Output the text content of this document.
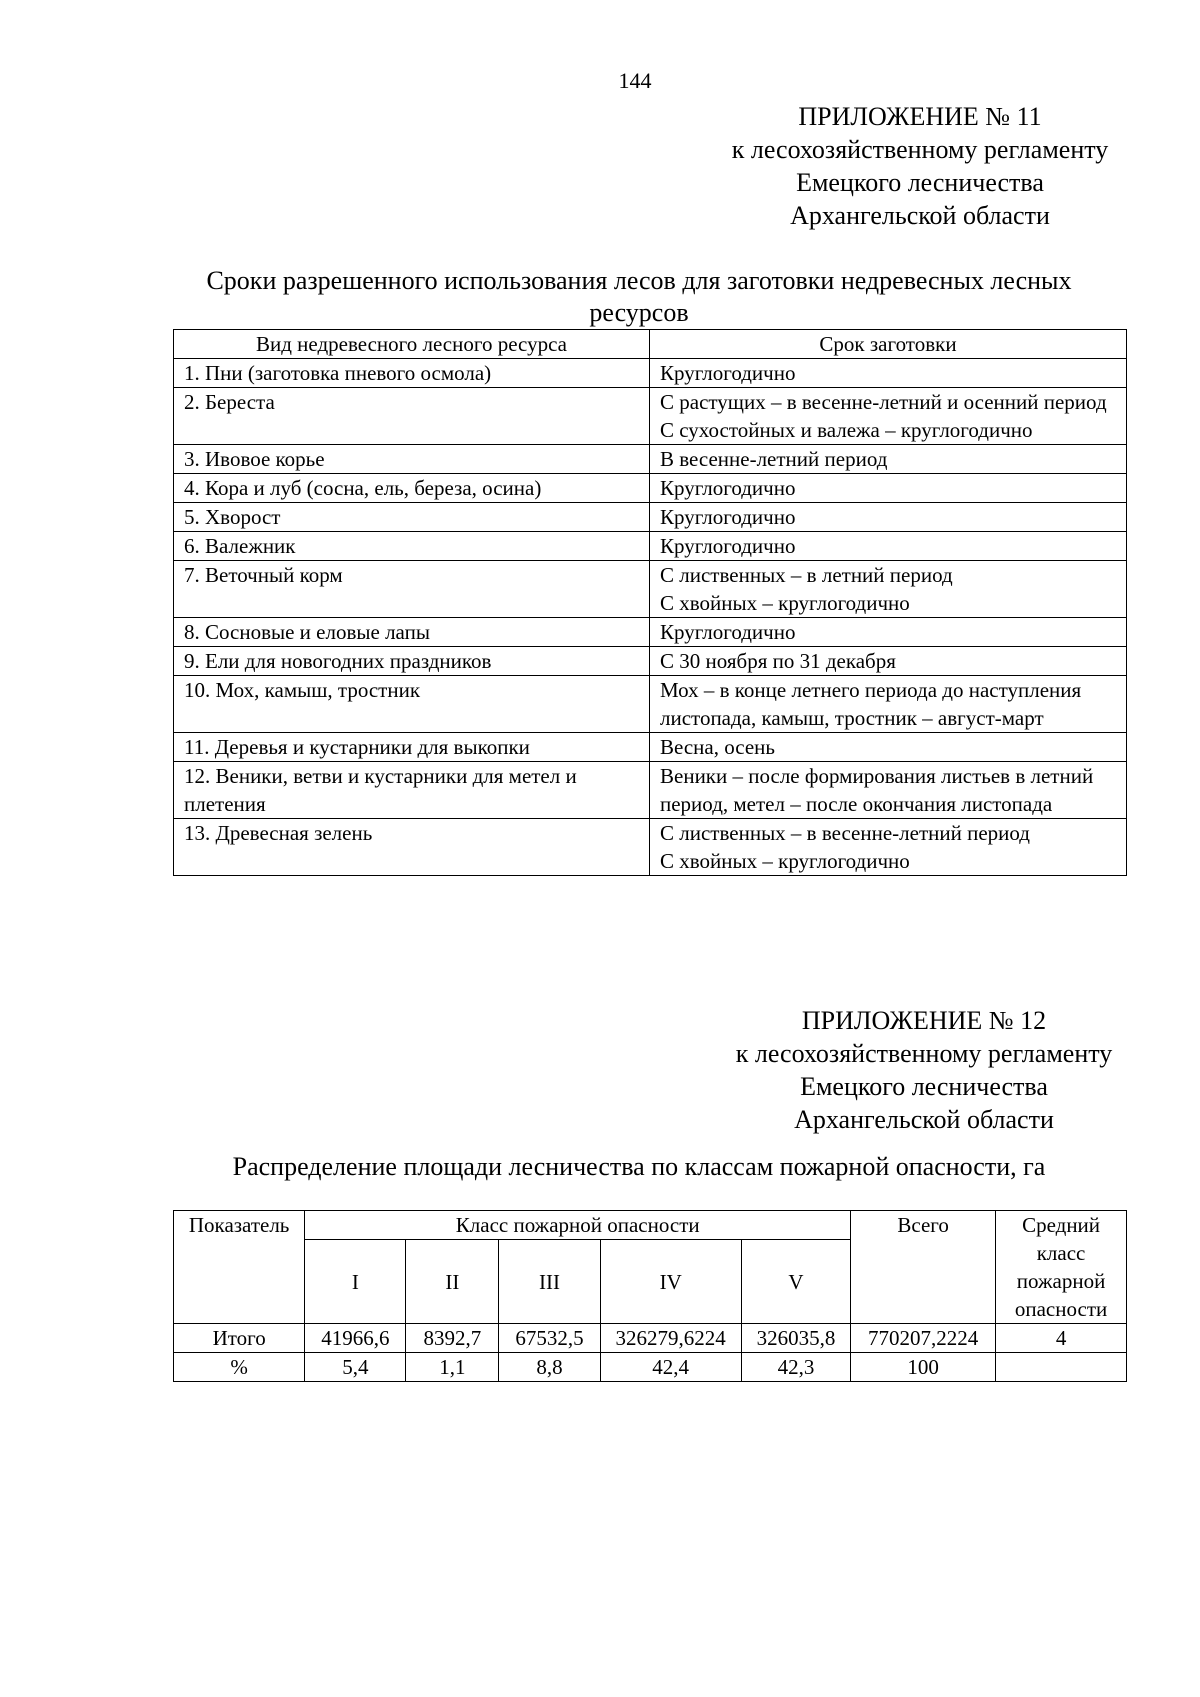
144
ПРИЛОЖЕНИЕ № 11
к лесохозяйственному регламенту
Емецкого лесничества
Архангельской области
Сроки разрешенного использования лесов для заготовки недревесных лесных
ресурсов
Вид недревесного лесного ресурса	Срок заготовки
1. Пни (заготовка пневого осмола)	Круглогодично

2. Береста	С растущих – в весенне-летний и осенний период
С сухостойных и валежа – круглогодично

3. Ивовое корье	В весенне-летний период

4. Кора и луб (сосна, ель, береза, осина)	Круглогодично

5. Хворост	Круглогодично

6. Валежник	Круглогодично

7. Веточный корм	С лиственных – в летний период
С хвойных – круглогодично

8. Сосновые и еловые лапы	Круглогодично

9. Ели для новогодних праздников	С 30 ноября по 31 декабря

10. Мох, камыш, тростник	Мох – в конце летнего периода до наступления листопада, камыш, тростник – август-март

11. Деревья и кустарники для выкопки	Весна, осень

12. Веники, ветви и кустарники для метел и плетения	Веники – после формирования листьев в летний период, метел – после окончания листопада

13. Древесная зелень	С лиственных – в весенне-летний период
С хвойных – круглогодично
ПРИЛОЖЕНИЕ № 12
к лесохозяйственному регламенту
Емецкого лесничества
Архангельской области
Распределение площади лесничества по классам пожарной опасности, га
Показатель	Класс пожарной опасности					Всего	Средний класс пожарной опасности
	I	II	III	IV	V		
Итого	41966,6	8392,7	67532,5	326279,6224	326035,8	770207,2224	4
%	5,4	1,1	8,8	42,4	42,3	100	
